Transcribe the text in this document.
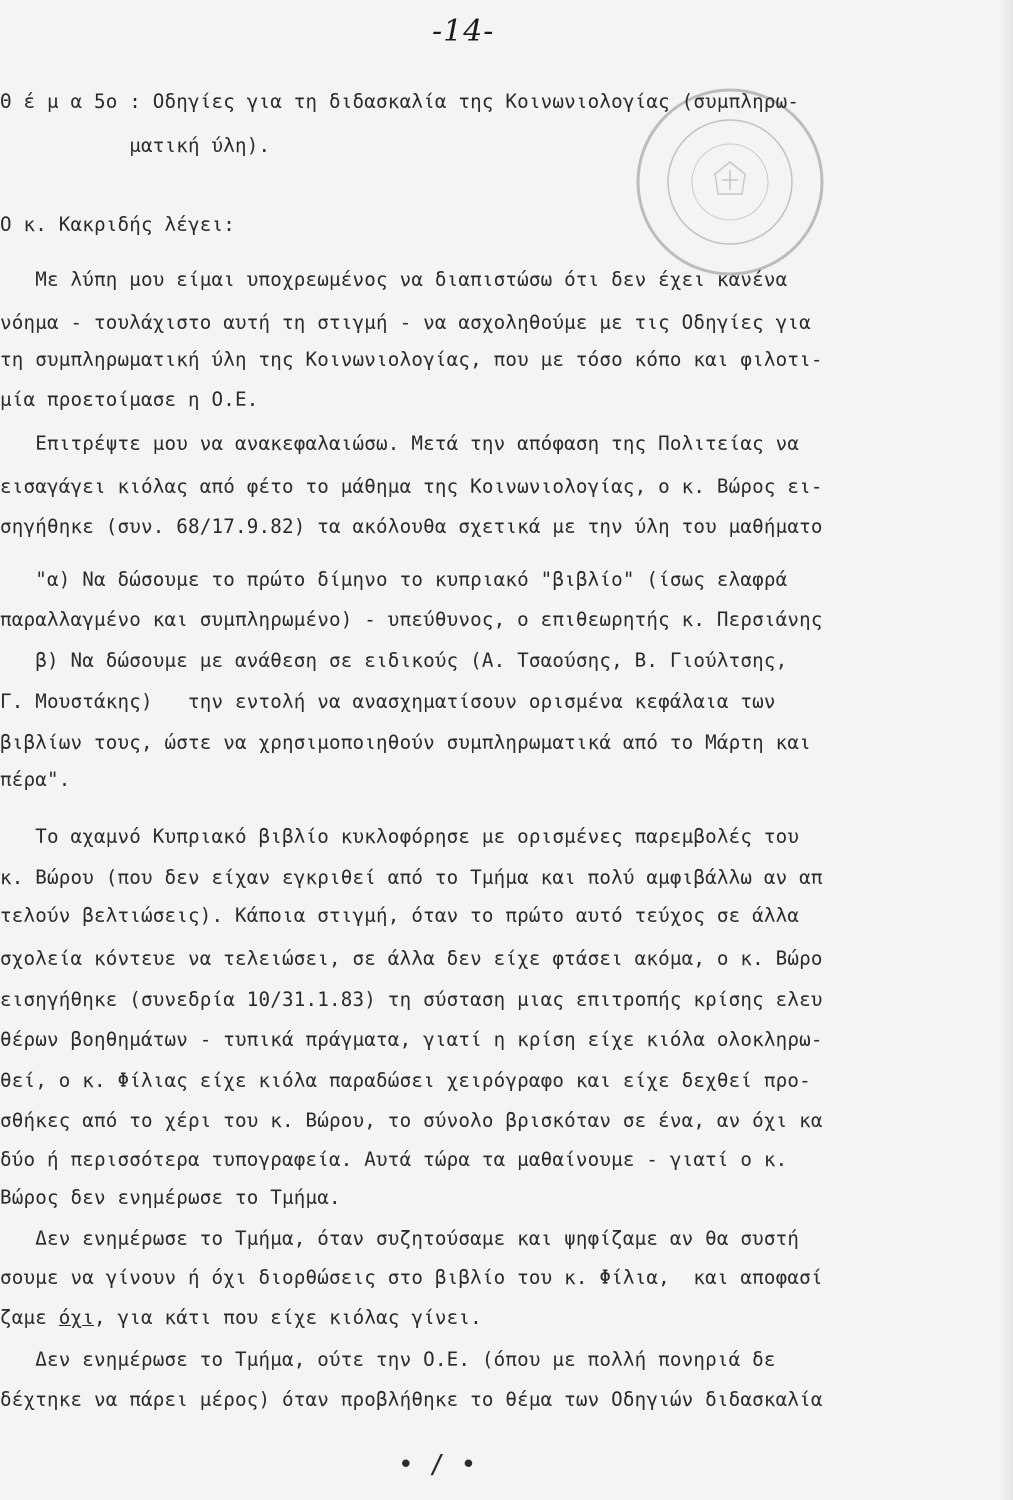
-14-
Θ έ μ α 5ο : Οδηγίες για τη διδασκαλία της Κοινωνιολογίας (συμπληρω-
ματική ύλη).
Ο κ. Κακριδής λέγει:
Με λύπη μου είμαι υποχρεωμένος να διαπιστώσω ότι δεν έχει κανένα
νόημα - τουλάχιστο αυτή τη στιγμή - να ασχοληθούμε με τις Οδηγίες για
τη συμπληρωματική ύλη της Κοινωνιολογίας, που με τόσο κόπο και φιλοτι-
μία προετοίμασε η Ο.Ε.
Επιτρέψτε μου να ανακεφαλαιώσω. Μετά την απόφαση της Πολιτείας να
εισαγάγει κιόλας από φέτο το μάθημα της Κοινωνιολογίας, ο κ. Βώρος ει-
σηγήθηκε (συν. 68/17.9.82) τα ακόλουθα σχετικά με την ύλη του μαθήματο
"α) Να δώσουμε το πρώτο δίμηνο το κυπριακό "βιβλίο" (ίσως ελαφρά
παραλλαγμένο και συμπληρωμένο) - υπεύθυνος, ο επιθεωρητής κ. Περσιάνης
β) Να δώσουμε με ανάθεση σε ειδικούς (Α. Τσαούσης, Β. Γιούλτσης,
Γ. Μουστάκης)   την εντολή να ανασχηματίσουν ορισμένα κεφάλαια των
βιβλίων τους, ώστε να χρησιμοποιηθούν συμπληρωματικά από το Μάρτη και
πέρα".
Το αχαμνό Κυπριακό βιβλίο κυκλοφόρησε με ορισμένες παρεμβολές του
κ. Βώρου (που δεν είχαν εγκριθεί από το Τμήμα και πολύ αμφιβάλλω αν απ
τελούν βελτιώσεις). Κάποια στιγμή, όταν το πρώτο αυτό τεύχος σε άλλα
σχολεία κόντευε να τελειώσει, σε άλλα δεν είχε φτάσει ακόμα, ο κ. Βώρο
εισηγήθηκε (συνεδρία 10/31.1.83) τη σύσταση μιας επιτροπής κρίσης ελευ
θέρων βοηθημάτων - τυπικά πράγματα, γιατί η κρίση είχε κιόλα ολοκληρω-
θεί, ο κ. Φίλιας είχε κιόλα παραδώσει χειρόγραφο και είχε δεχθεί προ-
σθήκες από το χέρι του κ. Βώρου, το σύνολο βρισκόταν σε ένα, αν όχι κα
δύο ή περισσότερα τυπογραφεία. Αυτά τώρα τα μαθαίνουμε - γιατί ο κ.
Βώρος δεν ενημέρωσε το Τμήμα.
Δεν ενημέρωσε το Τμήμα, όταν συζητούσαμε και ψηφίζαμε αν θα συστή
σουμε να γίνουν ή όχι διορθώσεις στο βιβλίο του κ. Φίλια,  και αποφασί
ζαμε όχι, για κάτι που είχε κιόλας γίνει.
Δεν ενημέρωσε το Τμήμα, ούτε την Ο.Ε. (όπου με πολλή πονηριά δε
δέχτηκε να πάρει μέρος) όταν προβλήθηκε το θέμα των Οδηγιών διδασκαλία
• / •
